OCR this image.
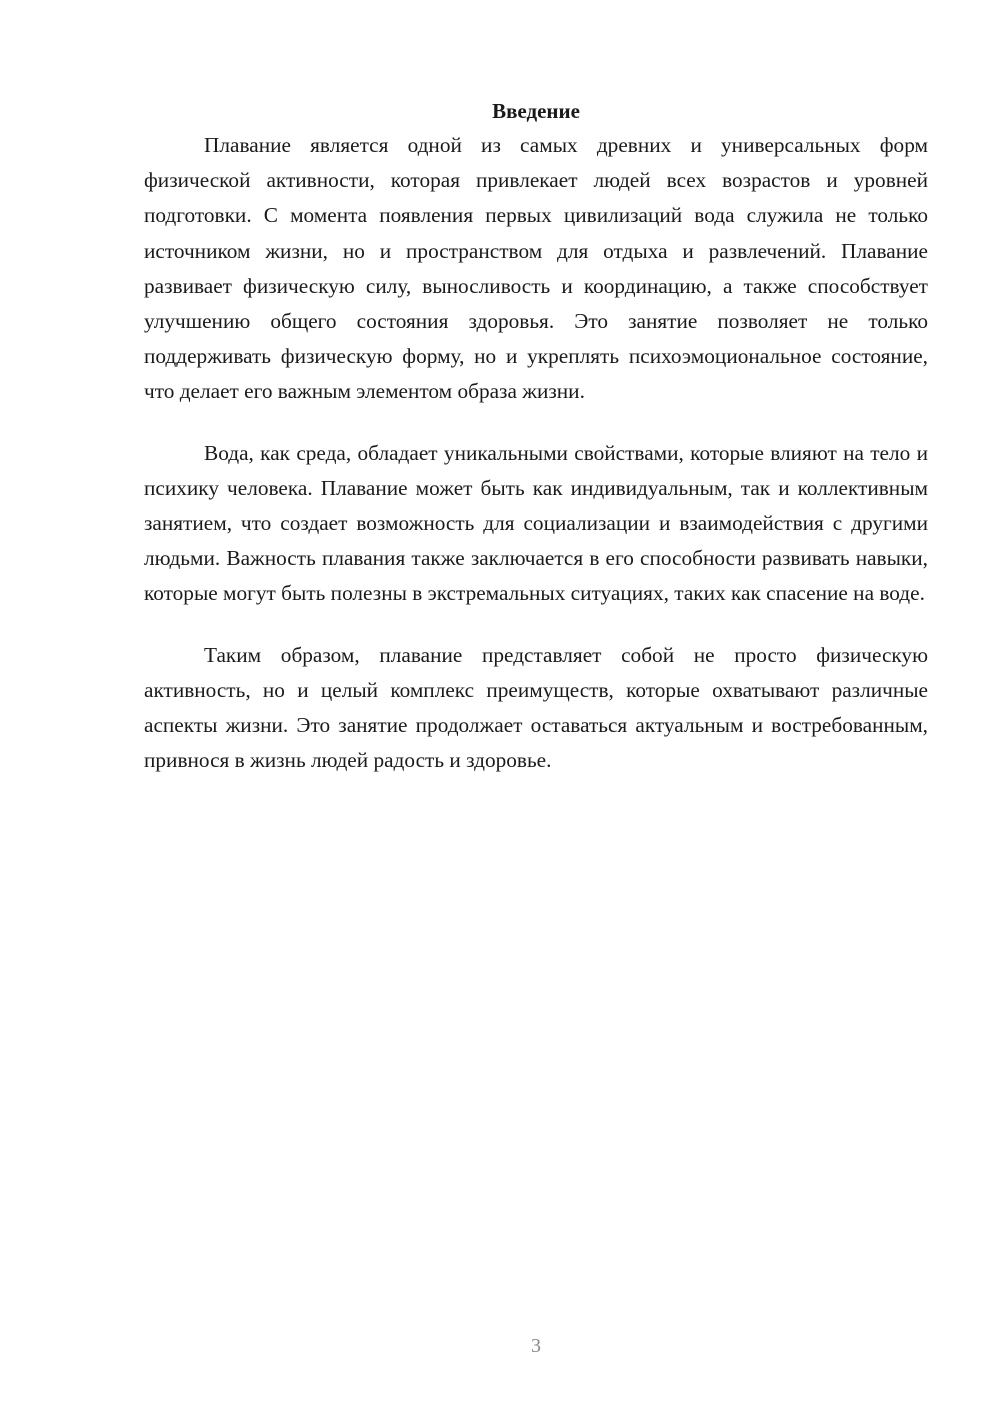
Введение

Плавание является одной из самых древних и универсальных форм физической активности, которая привлекает людей всех возрастов и уровней подготовки. С момента появления первых цивилизаций вода служила не только источником жизни, но и пространством для отдыха и развлечений. Плавание развивает физическую силу, выносливость и координацию, а также способствует улучшению общего состояния здоровья. Это занятие позволяет не только поддерживать физическую форму, но и укреплять психоэмоциональное состояние, что делает его важным элементом образа жизни.

Вода, как среда, обладает уникальными свойствами, которые влияют на тело и психику человека. Плавание может быть как индивидуальным, так и коллективным занятием, что создает возможность для социализации и взаимодействия с другими людьми. Важность плавания также заключается в его способности развивать навыки, которые могут быть полезны в экстремальных ситуациях, таких как спасение на воде.

Таким образом, плавание представляет собой не просто физическую активность, но и целый комплекс преимуществ, которые охватывают различные аспекты жизни. Это занятие продолжает оставаться актуальным и востребованным, привнося в жизнь людей радость и здоровье.

3
